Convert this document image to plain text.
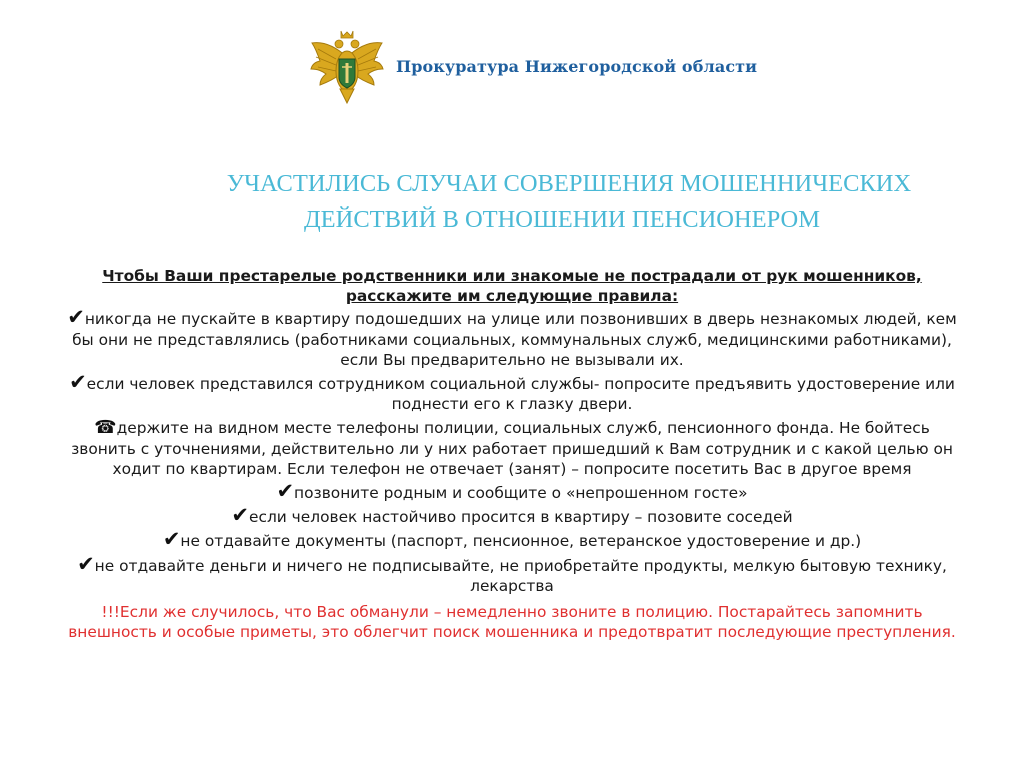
Прокуратура Нижегородской области
УЧАСТИЛИСЬ СЛУЧАИ СОВЕРШЕНИЯ МОШЕННИЧЕСКИХ
ДЕЙСТВИЙ В ОТНОШЕНИИ ПЕНСИОНЕРОМ

Чтобы Ваши престарелые родственники или знакомые не пострадали от рук мошенников, расскажите им следующие правила:

✔никогда не пускайте в квартиру подошедших на улице или позвонивших в дверь незнакомых людей, кем бы они не представлялись (работниками социальных, коммунальных служб, медицинскими работниками), если Вы предварительно не вызывали их.

✔если человек представился сотрудником социальной службы- попросите предъявить удостоверение или поднести его к глазку двери.

☎держите на видном месте телефоны полиции, социальных служб, пенсионного фонда. Не бойтесь звонить с уточнениями, действительно ли у них работает пришедший к Вам сотрудник и с какой целью он ходит по квартирам. Если телефон не отвечает (занят) – попросите посетить Вас в другое время

✔позвоните родным и сообщите о «непрошенном госте»

✔если человек настойчиво просится в квартиру – позовите соседей

✔не отдавайте документы (паспорт, пенсионное, ветеранское удостоверение и др.)

✔не отдавайте деньги и ничего не подписывайте, не приобретайте продукты, мелкую бытовую технику, лекарства

!!!Если же случилось, что Вас обманули – немедленно звоните в полицию. Постарайтесь запомнить внешность и особые приметы, это облегчит поиск мошенника и предотвратит последующие преступления.
